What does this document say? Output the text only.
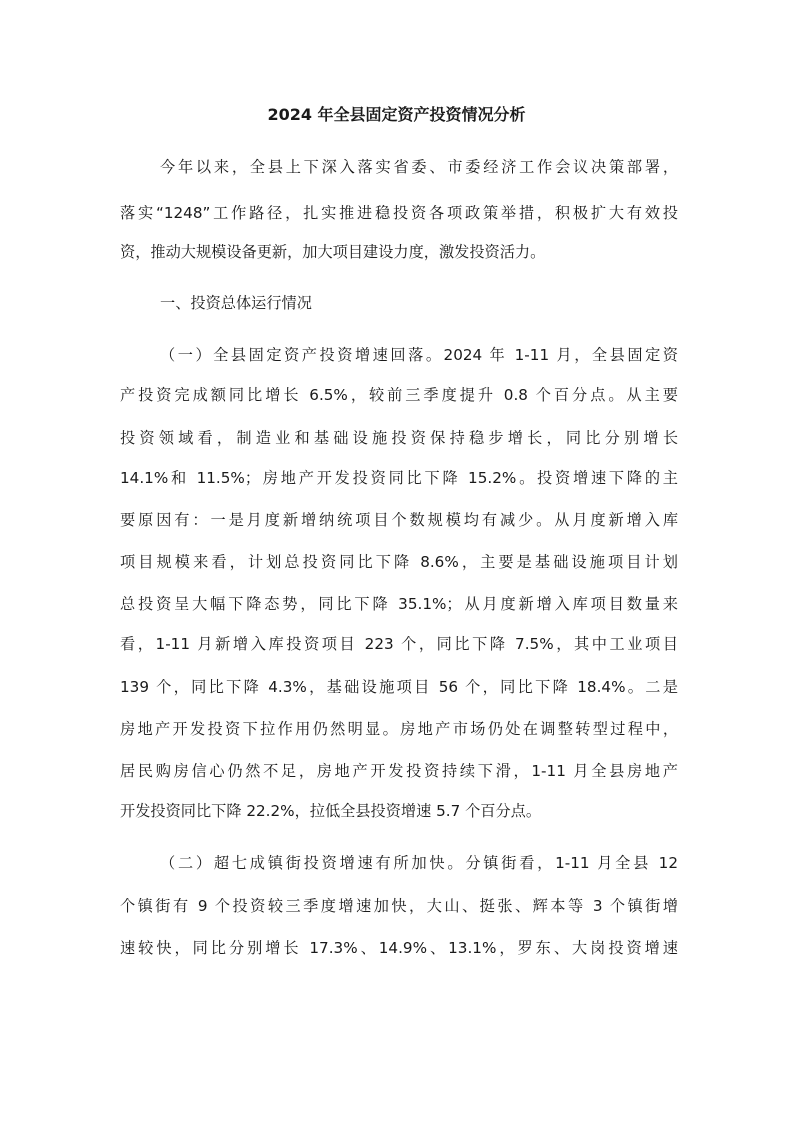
2024 年全县固定资产投资情况分析
今年以来，全县上下深入落实省委、市委经济工作会议决策部署，
落实“1248”工作路径，扎实推进稳投资各项政策举措，积极扩大有效投
资，推动大规模设备更新，加大项目建设力度，激发投资活力。
一、投资总体运行情况
（一）全县固定资产投资增速回落。2024 年 1-11 月，全县固定资
产投资完成额同比增长 6.5%，较前三季度提升 0.8 个百分点。从主要
投资领域看，制造业和基础设施投资保持稳步增长，同比分别增长
14.1%和 11.5%；房地产开发投资同比下降 15.2%。投资增速下降的主
要原因有：一是月度新增纳统项目个数规模均有减少。从月度新增入库
项目规模来看，计划总投资同比下降 8.6%，主要是基础设施项目计划
总投资呈大幅下降态势，同比下降 35.1%；从月度新增入库项目数量来
看，1-11 月新增入库投资项目 223 个，同比下降 7.5%，其中工业项目
139 个，同比下降 4.3%，基础设施项目 56 个，同比下降 18.4%。二是
房地产开发投资下拉作用仍然明显。房地产市场仍处在调整转型过程中，
居民购房信心仍然不足，房地产开发投资持续下滑，1-11 月全县房地产
开发投资同比下降 22.2%，拉低全县投资增速 5.7 个百分点。
（二）超七成镇街投资增速有所加快。分镇街看，1-11 月全县 12
个镇街有 9 个投资较三季度增速加快，大山、挺张、辉本等 3 个镇街增
速较快，同比分别增长 17.3%、14.9%、13.1%，罗东、大岗投资增速
